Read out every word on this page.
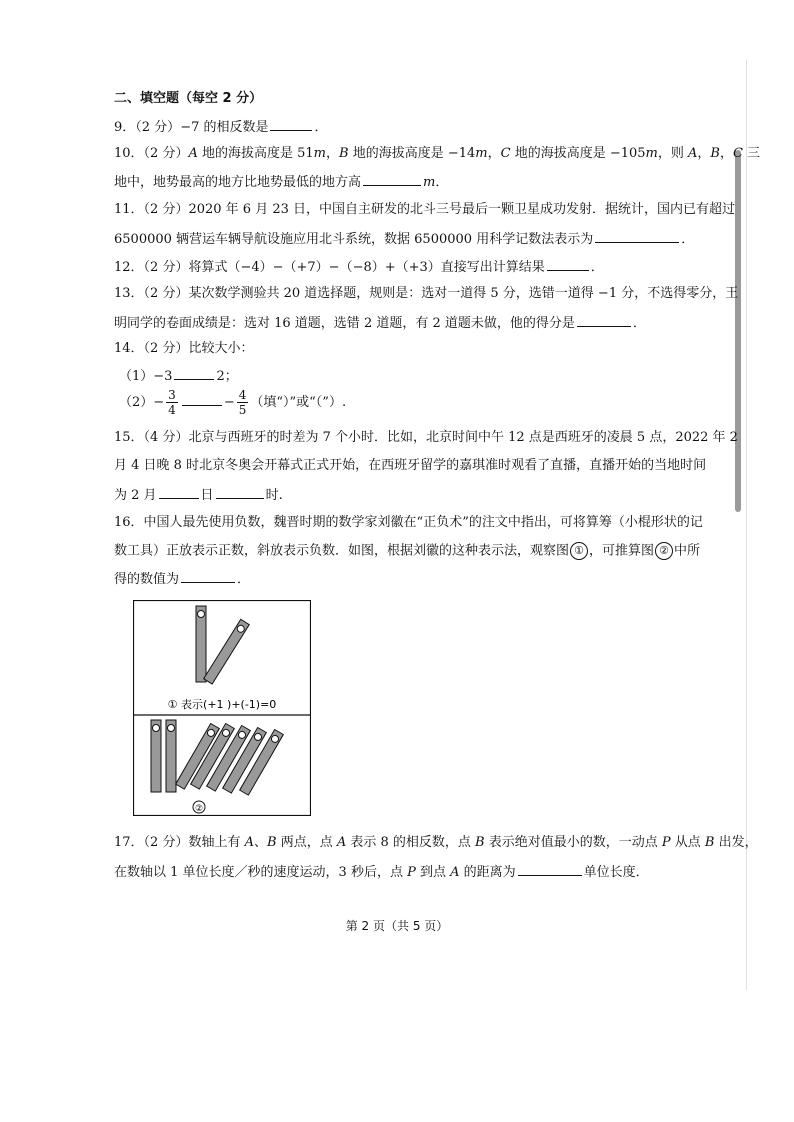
二、填空题（每空 2 分）
9．（2 分）−7 的相反数是	．
10．（2 分）A 地的海拔高度是 51m，B 地的海拔高度是 −14m，C 地的海拔高度是 −105m，则 A，B，C 三
地中，地势最高的地方比地势最低的地方高	m．
11．（2 分）2020 年 6 月 23 日，中国自主研发的北斗三号最后一颗卫星成功发射．据统计，国内已有超过
6500000 辆营运车辆导航设施应用北斗系统，数据 6500000 用科学记数法表示为	．
12．（2 分）将算式（−4）−（+7）−（−8）+（+3）直接写出计算结果	．
13．（2 分）某次数学测验共 20 道选择题，规则是：选对一道得 5 分，选错一道得 −1 分，不选得零分，王
明同学的卷面成绩是：选对 16 道题，选错 2 道题，有 2 道题未做，他的得分是	．
14．（2 分）比较大小：
（1）−3	2；
$(2)- \frac{3}{4}$	− $\frac{4}{5}$ （填“）”或“（”）.
15．（4 分）北京与西班牙的时差为 7 个小时．比如，北京时间中午 12 点是西班牙的凌晨 5 点，2022 年 2
月 4 日晚 8 时北京冬奥会开幕式正式开始，在西班牙留学的嘉琪准时观看了直播，直播开始的当地时间
为 2 月	日	时.
16．中国人最先使用负数，魏晋时期的数学家刘徽在“正负术”的注文中指出，可将算筹（小棍形状的记
数工具）正放表示正数，斜放表示负数．如图，根据刘徽的这种表示法，观察图 ① ，可推算图 ② 中所
得的数值为	．
① 表示(+1 )+(-1)=0
②
17．（2 分）数轴上有 A、B 两点，点 A 表示 8 的相反数，点 B 表示绝对值最小的数，一动点 P 从点 B 出发，
在数轴以 1 单位长度／秒的速度运动，3 秒后，点 P 到点 A 的距离为	单位长度．
第 2 页（共 5 页）
